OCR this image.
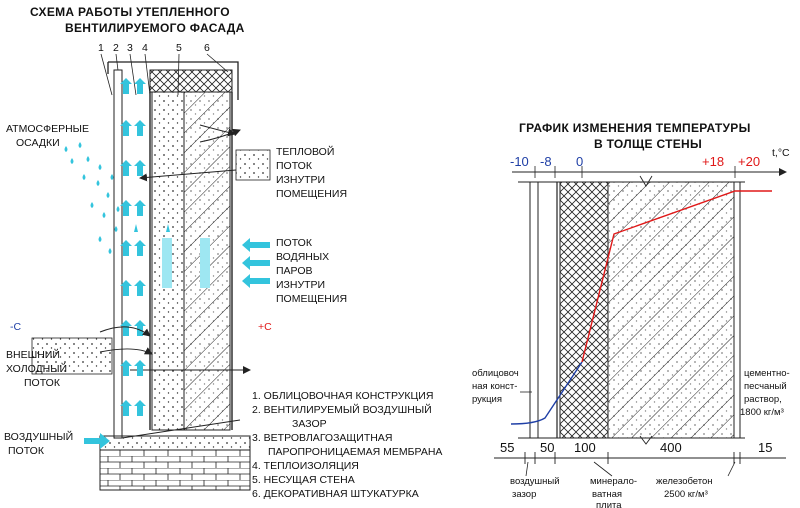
СХЕМА РАБОТЫ УТЕПЛЕННОГО
ВЕНТИЛИРУЕМОГО ФАСАДА
1 2 3 4	5 6
АТМОСФЕРНЫЕ
ОСАДКИ
ТЕПЛОВОЙ
ПОТОК
ИЗНУТРИ
ПОМЕЩЕНИЯ
ПОТОК
ВОДЯНЫХ
ПАРОВ
ИЗНУТРИ
ПОМЕЩЕНИЯ
ВНЕШНИЙ
ХОЛОДНЫЙ
ПОТОК
ВОЗДУШНЫЙ
ПОТОК
-C	+C
1. ОБЛИЦОВОЧНАЯ КОНСТРУКЦИЯ
2. ВЕНТИЛИРУЕМЫЙ ВОЗДУШНЫЙ
ЗАЗОР
3. ВЕТРОВЛАГОЗАЩИТНАЯ
ПАРОПРОНИЦАЕМАЯ МЕМБРАНА
4. ТЕПЛОИЗОЛЯЦИЯ
5. НЕСУЩАЯ СТЕНА
6. ДЕКОРАТИВНАЯ ШТУКАТУРКА
ГРАФИК ИЗМЕНЕНИЯ ТЕМПЕРАТУРЫ
В ТОЛЩЕ СТЕНЫ
-10 -8 0	+18 +20
t,°C
облицовоч
ная конст-
рукция
цементно-
песчаный
раствор,
1800 кг/м³
55 50 100	400	15
воздушный
зазор
минерало-
ватная
плита
железобетон
2500 кг/м³
